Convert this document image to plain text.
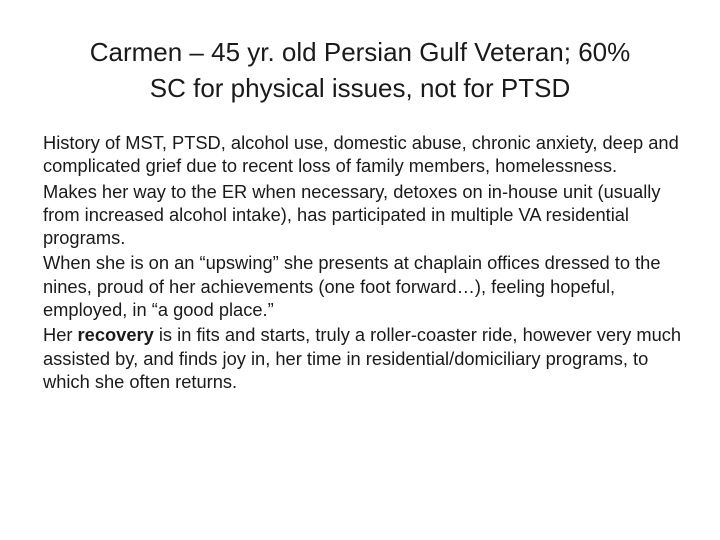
Carmen – 45 yr. old Persian Gulf Veteran; 60%
SC for physical issues, not for PTSD

History of MST, PTSD, alcohol use, domestic abuse, chronic anxiety, deep and complicated grief due to recent loss of family members, homelessness.

Makes her way to the ER when necessary, detoxes on in-house unit (usually from increased alcohol intake), has participated in multiple VA residential programs.

When she is on an “upswing” she presents at chaplain offices dressed to the nines, proud of her achievements (one foot forward…), feeling hopeful, employed, in “a good place.”

Her recovery is in fits and starts, truly a roller-coaster ride, however very much assisted by, and finds joy in, her time in residential/domiciliary programs, to which she often returns.
